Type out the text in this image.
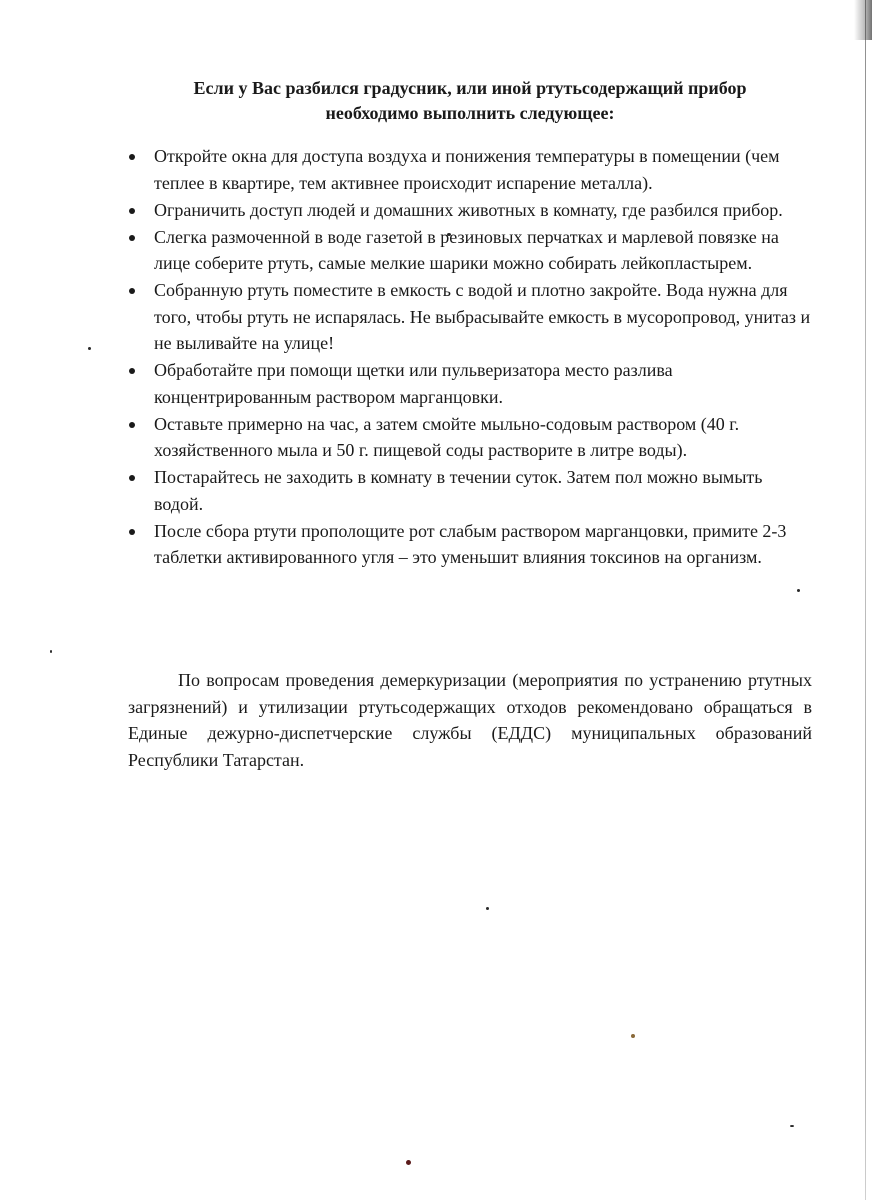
Если у Вас разбился градусник, или иной ртутьсодержащий прибор
необходимо выполнить следующее:
Откройте окна для доступа воздуха и понижения температуры в помещении (чем теплее в квартире, тем активнее происходит испарение металла).
Ограничить доступ людей и домашних животных в комнату, где разбился прибор.
Слегка размоченной в воде газетой в резиновых перчатках и марлевой повязке на лице соберите ртуть, самые мелкие шарики можно собирать лейкопластырем.
Собранную ртуть поместите в емкость с водой и плотно закройте. Вода нужна для того, чтобы ртуть не испарялась. Не выбрасывайте емкость в мусоропровод, унитаз и не выливайте на улице!
Обработайте при помощи щетки или пульверизатора место разлива концентрированным раствором марганцовки.
Оставьте примерно на час, а затем смойте мыльно-содовым раствором (40 г. хозяйственного мыла и 50 г. пищевой соды растворите в литре воды).
Постарайтесь не заходить в комнату в течении суток. Затем пол можно вымыть водой.
После сбора ртути прополощите рот слабым раствором марганцовки, примите 2-3 таблетки активированного угля – это уменьшит влияния токсинов на организм.

По вопросам проведения демеркуризации (мероприятия по устранению ртутных загрязнений) и утилизации ртутьсодержащих отходов рекомендовано обращаться в Единые дежурно-диспетчерские службы (ЕДДС) муниципальных образований Республики Татарстан.
